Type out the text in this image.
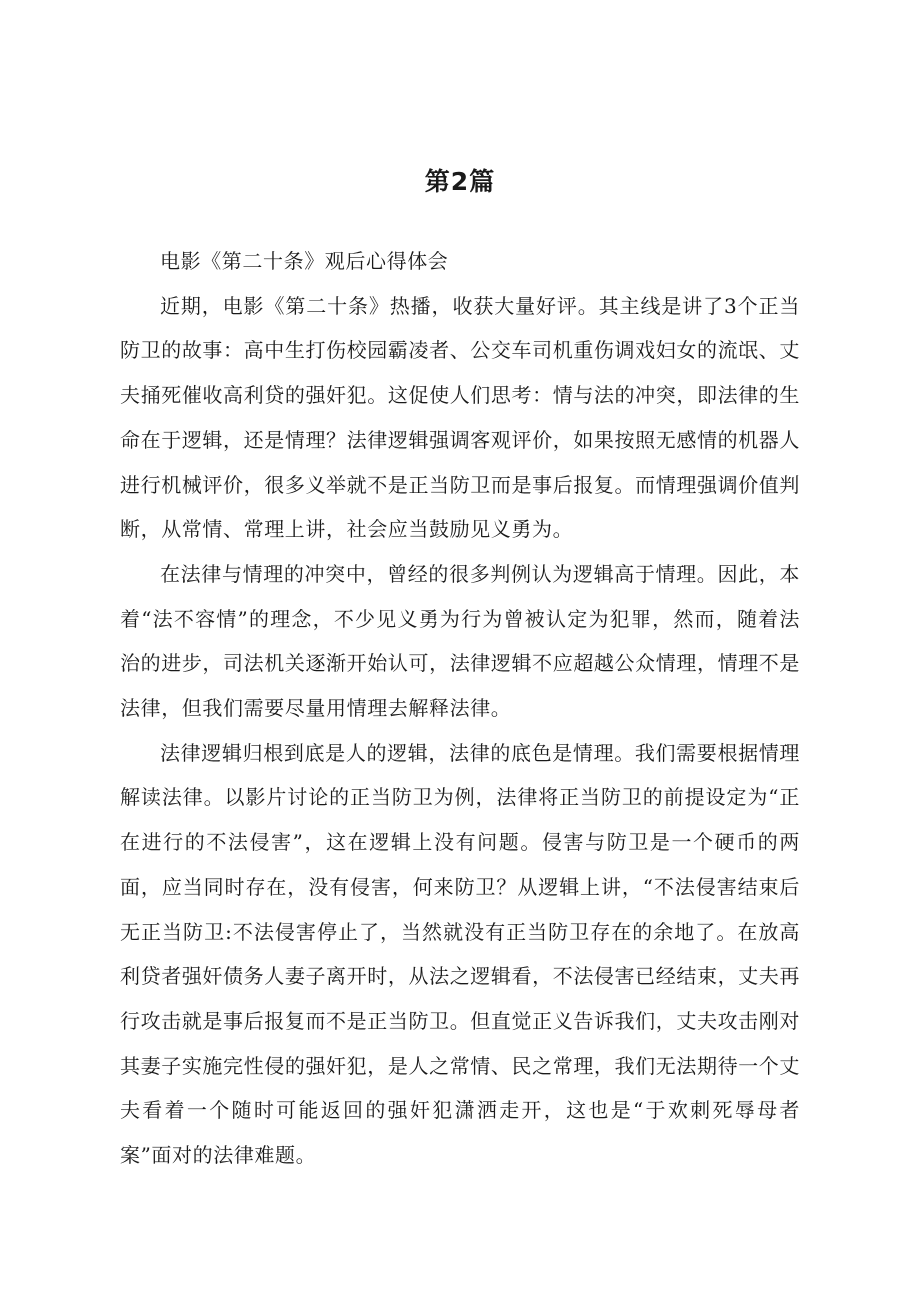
第2篇

电影《第二十条》观后心得体会

近期，电影《第二十条》热播，收获大量好评。其主线是讲了3个正当防卫的故事：高中生打伤校园霸凌者、公交车司机重伤调戏妇女的流氓、丈夫捅死催收高利贷的强奸犯。这促使人们思考：情与法的冲突，即法律的生命在于逻辑，还是情理？法律逻辑强调客观评价，如果按照无感情的机器人进行机械评价，很多义举就不是正当防卫而是事后报复。而情理强调价值判断，从常情、常理上讲，社会应当鼓励见义勇为。

在法律与情理的冲突中，曾经的很多判例认为逻辑高于情理。因此，本着“法不容情”的理念，不少见义勇为行为曾被认定为犯罪，然而，随着法治的进步，司法机关逐渐开始认可，法律逻辑不应超越公众情理，情理不是法律，但我们需要尽量用情理去解释法律。

法律逻辑归根到底是人的逻辑，法律的底色是情理。我们需要根据情理解读法律。以影片讨论的正当防卫为例，法律将正当防卫的前提设定为“正在进行的不法侵害”，这在逻辑上没有问题。侵害与防卫是一个硬币的两面，应当同时存在，没有侵害，何来防卫？从逻辑上讲，“不法侵害结束后无正当防卫:不法侵害停止了，当然就没有正当防卫存在的余地了。在放高利贷者强奸债务人妻子离开时，从法之逻辑看，不法侵害已经结束，丈夫再行攻击就是事后报复而不是正当防卫。但直觉正义告诉我们，丈夫攻击刚对其妻子实施完性侵的强奸犯，是人之常情、民之常理，我们无法期待一个丈夫看着一个随时可能返回的强奸犯潇洒走开，这也是“于欢刺死辱母者案”面对的法律难题。
